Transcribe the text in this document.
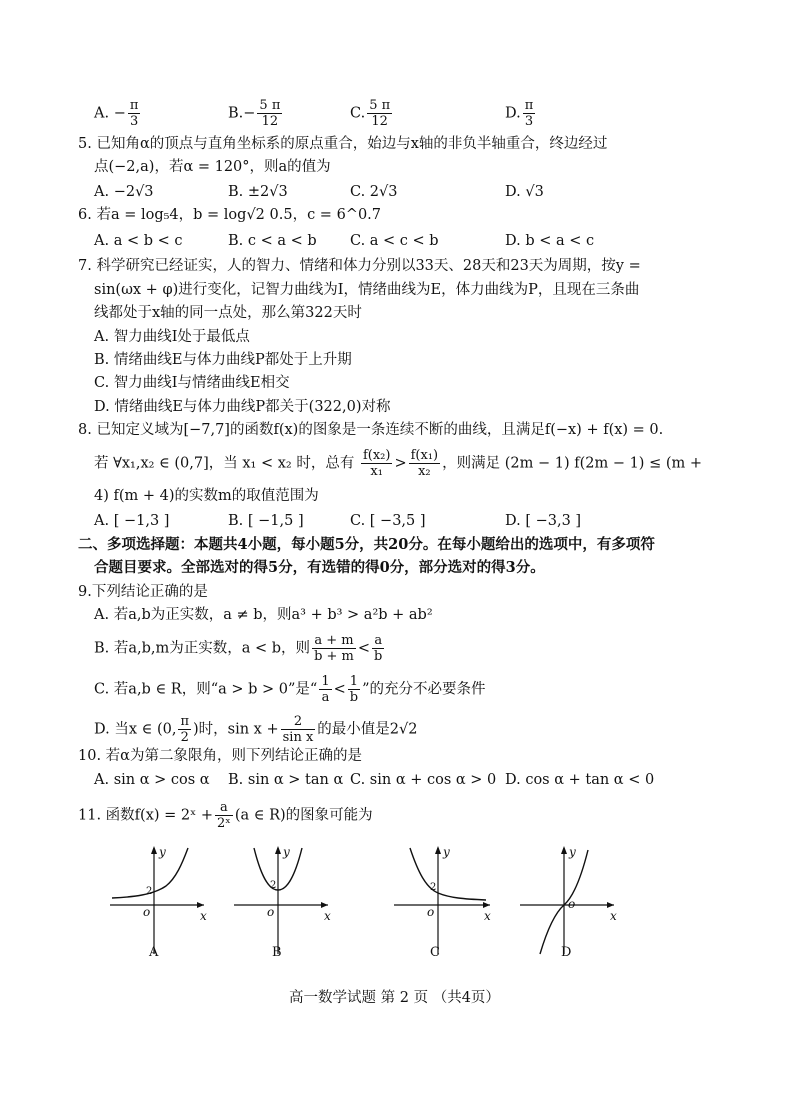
A. − $\frac{\pi}{3}$	$B.- \frac{5 \pi}{12}$	C. $\frac{5 \pi}{12}$	D. $\frac{\pi}{3}$
5. 已知角α的顶点与直角坐标系的原点重合，始边与x轴的非负半轴重合，终边经过
点(−2,a)，若α = 120°，则a的值为
A. −2√3	B. ±2√3	C. 2√3	D. √3
6. 若a = log₅4，b = log√2 0.5，c = 6^0.7
A. a < b < c	B. c < a < b C. a < c < b	D. b < a < c
7. 科学研究已经证实，人的智力、情绪和体力分别以33天、28天和23天为周期，按y =
sin(ωx + φ)进行变化，记智力曲线为I，情绪曲线为E，体力曲线为P，且现在三条曲
线都处于x轴的同一点处，那么第322天时
A. 智力曲线I处于最低点
B. 情绪曲线E与体力曲线P都处于上升期
C. 智力曲线I与情绪曲线E相交
D. 情绪曲线E与体力曲线P都关于(322,0)对称
8. 已知定义域为[−7,7]的函数f(x)的图象是一条连续不断的曲线，且满足f(−x) + f(x) = 0.
若 ∀x₁,x₂ ∈ (0,7]，当 x₁ < x₂ 时，总有 $\frac{\text{f(x₂)}}{\text{x₁}} > \frac{\text{f(x₁)}}{\text{x₂}}$ ，则满足 (2m − 1) f(2m − 1) ≤ (m +
4) f(m + 4)的实数m的取值范围为
A. [ −1,3 ]	B. [ −1,5 ]	C. [ −3,5 ]	D. [ −3,3 ]
二、多项选择题：本题共4小题，每小题5分，共20分。在每小题给出的选项中，有多项符
合题目要求。全部选对的得5分，有选错的得0分，部分选对的得3分。
9.下列结论正确的是
A. 若a,b为正实数，a ≠ b，则a³ + b³ > a²b + ab²
B. 若a,b,m为正实数，a < b，则 $\frac{a + m}{b + m} < \frac{a}{b}$
C. 若a,b ∈ R，则“a > b > 0”是“ $\frac{1}{a} < \frac{1}{b}$ ”的充分不必要条件
D. 当x ∈ (0, $\frac{\pi}{2}$ )时，$\sin x + \frac{2}{\text{sin x}}$ 的最小值是2√2
10. 若α为第二象限角，则下列结论正确的是
A. sin α > cos α B. sin α > tan α C. sin α + cos α > 0 D. cos α + tan α < 0
11. 函数f(x) = 2ˣ + $\frac{a}{\text{2ˣ}} (a$ ∈ R)的图象可能为
y
x
o
2
A
y
x
o
2
B
y
x
o
2
C
y
x
o
D
高一数学试题 第 2 页 （共4页）
